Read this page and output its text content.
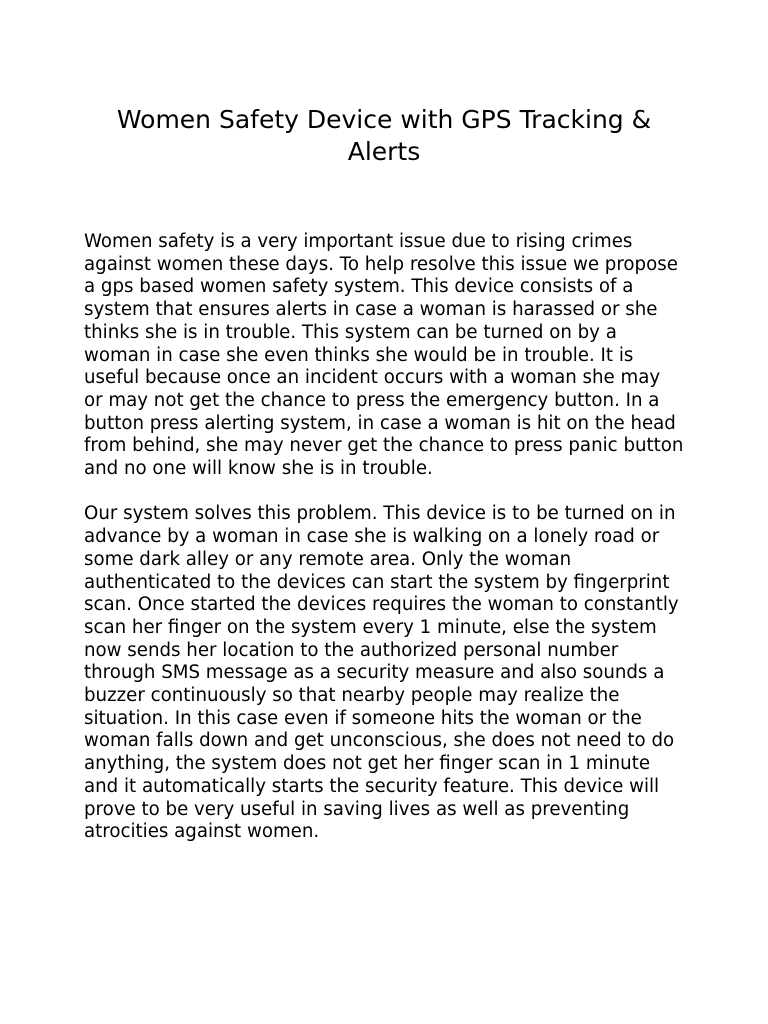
Women Safety Device with GPS Tracking & Alerts

Women safety is a very important issue due to rising crimes against women these days. To help resolve this issue we propose a gps based women safety system. This device consists of a system that ensures alerts in case a woman is harassed or she thinks she is in trouble. This system can be turned on by a woman in case she even thinks she would be in trouble. It is useful because once an incident occurs with a woman she may or may not get the chance to press the emergency button. In a button press alerting system, in case a woman is hit on the head from behind, she may never get the chance to press panic button and no one will know she is in trouble.

Our system solves this problem. This device is to be turned on in advance by a woman in case she is walking on a lonely road or some dark alley or any remote area. Only the woman authenticated to the devices can start the system by fingerprint scan. Once started the devices requires the woman to constantly scan her finger on the system every 1 minute, else the system now sends her location to the authorized personal number through SMS message as a security measure and also sounds a buzzer continuously so that nearby people may realize the situation. In this case even if someone hits the woman or the woman falls down and get unconscious, she does not need to do anything, the system does not get her finger scan in 1 minute and it automatically starts the security feature. This device will prove to be very useful in saving lives as well as preventing atrocities against women.
